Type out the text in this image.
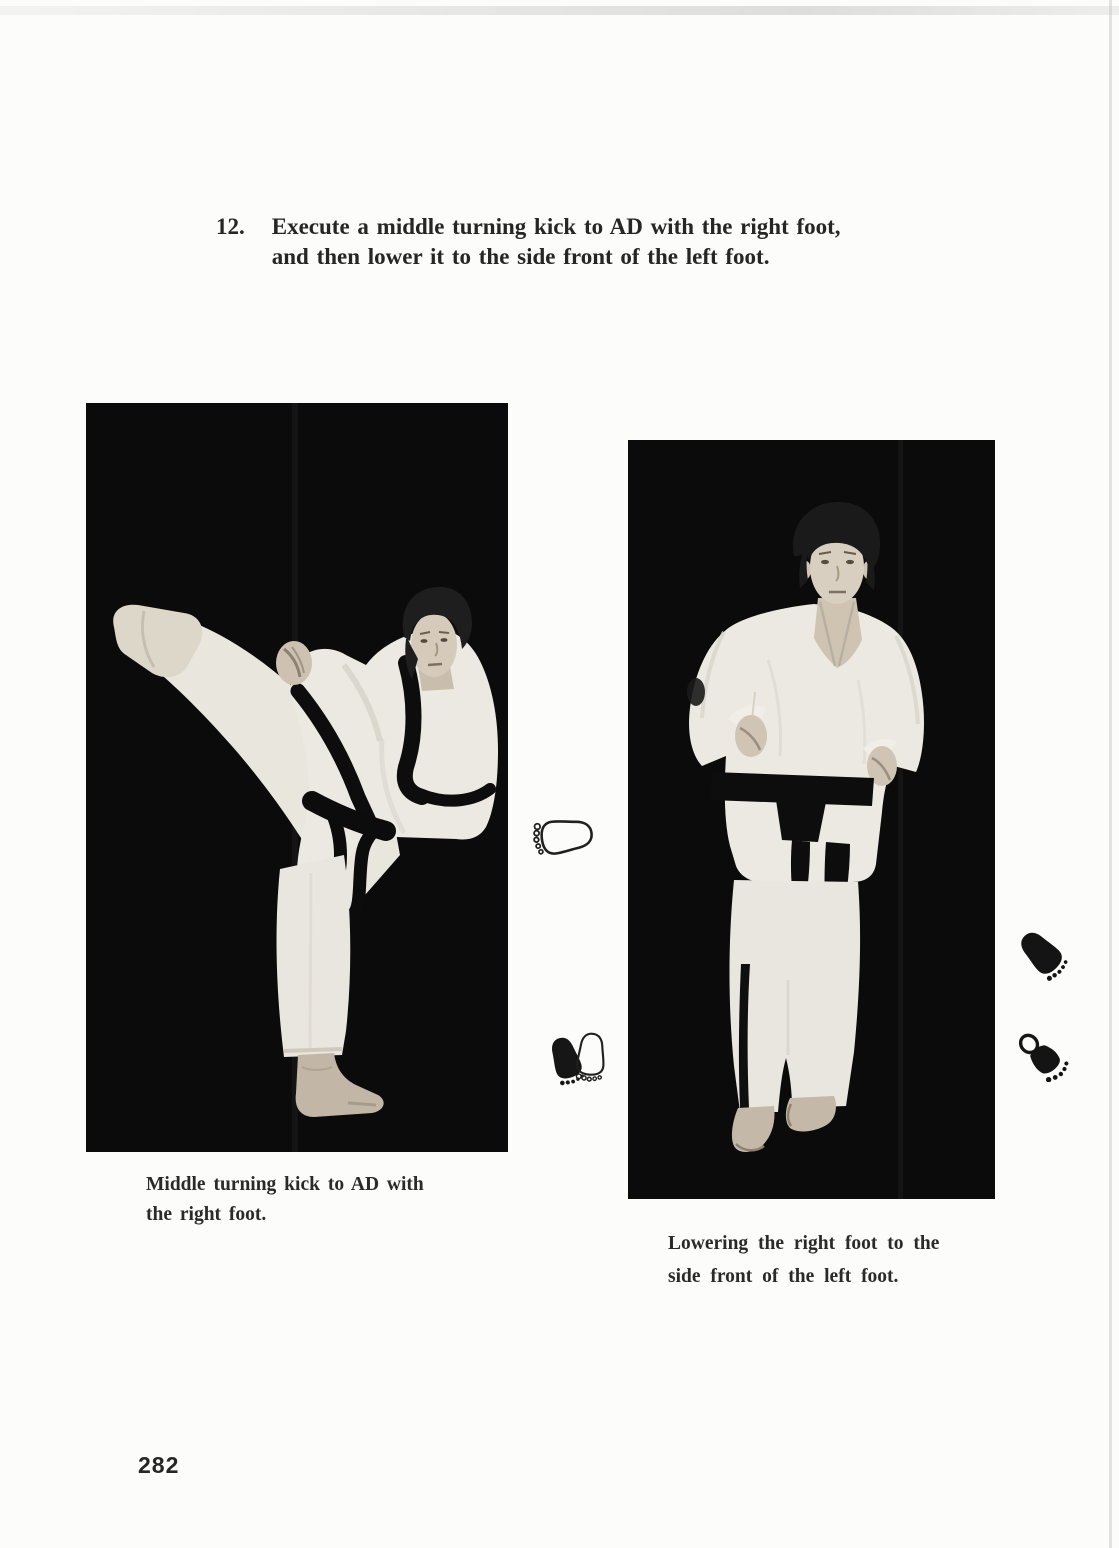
12. Execute a middle turning kick to AD with the right foot,
and then lower it to the side front of the left foot.
Middle turning kick to AD with
the right foot.
Lowering the right foot to the
side front of the left foot.
282
